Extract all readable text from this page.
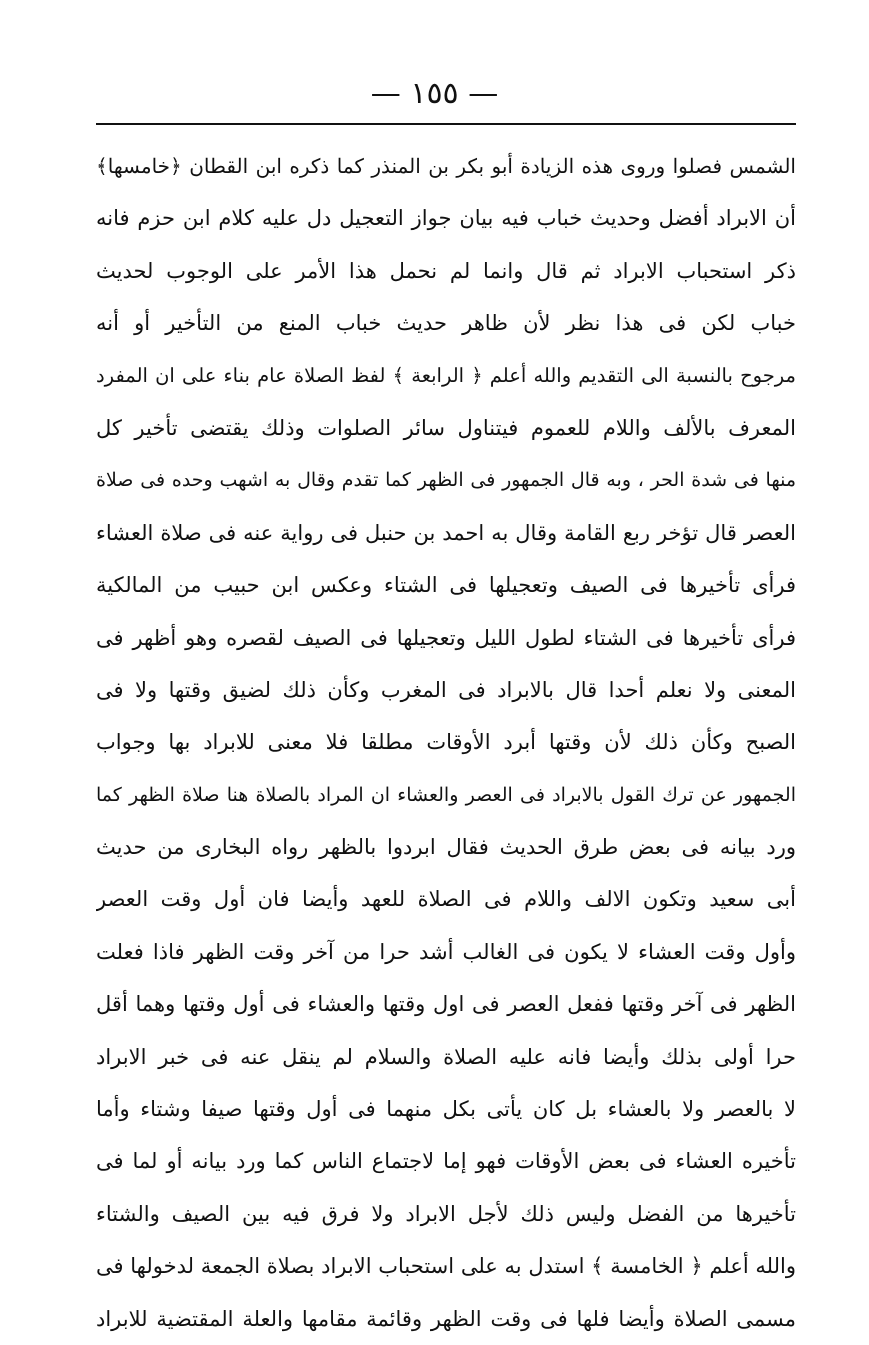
— ١٥٥ —
الشمس فصلوا وروى هذه الزيادة أبو بكر بن المنذر كما ذكره ابن القطان ﴿خامسها﴾
أن الابراد أفضل وحديث خباب فيه بيان جواز التعجيل دل عليه كلام ابن حزم فانه
ذكر استحباب الابراد ثم قال وانما لم نحمل هذا الأمر على الوجوب لحديث
خباب لكن فى هذا نظر لأن ظاهر حديث خباب المنع من التأخير أو أنه
مرجوح بالنسبة الى التقديم والله أعلم ﴿ الرابعة ﴾ لفظ الصلاة عام بناء على ان المفرد
المعرف بالألف واللام للعموم فيتناول سائر الصلوات وذلك يقتضى تأخير كل
منها فى شدة الحر ، وبه قال الجمهور فى الظهر كما تقدم وقال به اشهب وحده فى صلاة
العصر قال تؤخر ربع القامة وقال به احمد بن حنبل فى رواية عنه فى صلاة العشاء
فرأى تأخيرها فى الصيف وتعجيلها فى الشتاء وعكس ابن حبيب من المالكية
فرأى تأخيرها فى الشتاء لطول الليل وتعجيلها فى الصيف لقصره وهو أظهر فى
المعنى ولا نعلم أحدا قال بالابراد فى المغرب وكأن ذلك لضيق وقتها ولا فى
الصبح وكأن ذلك لأن وقتها أبرد الأوقات مطلقا فلا معنى للابراد بها وجواب
الجمهور عن ترك القول بالابراد فى العصر والعشاء ان المراد بالصلاة هنا صلاة الظهر كما
ورد بيانه فى بعض طرق الحديث فقال ابردوا بالظهر رواه البخارى من حديث
أبى سعيد وتكون الالف واللام فى الصلاة للعهد وأيضا فان أول وقت العصر
وأول وقت العشاء لا يكون فى الغالب أشد حرا من آخر وقت الظهر فاذا فعلت
الظهر فى آخر وقتها ففعل العصر فى اول وقتها والعشاء فى أول وقتها وهما أقل
حرا أولى بذلك وأيضا فانه عليه الصلاة والسلام لم ينقل عنه فى خبر الابراد
لا بالعصر ولا بالعشاء بل كان يأتى بكل منهما فى أول وقتها صيفا وشتاء وأما
تأخيره العشاء فى بعض الأوقات فهو إما لاجتماع الناس كما ورد بيانه أو لما فى
تأخيرها من الفضل وليس ذلك لأجل الابراد ولا فرق فيه بين الصيف والشتاء
والله أعلم ﴿ الخامسة ﴾ استدل به على استحباب الابراد بصلاة الجمعة لدخولها فى
مسمى الصلاة وأيضا فلها فى وقت الظهر وقائمة مقامها والعلة المقتضية للابراد
